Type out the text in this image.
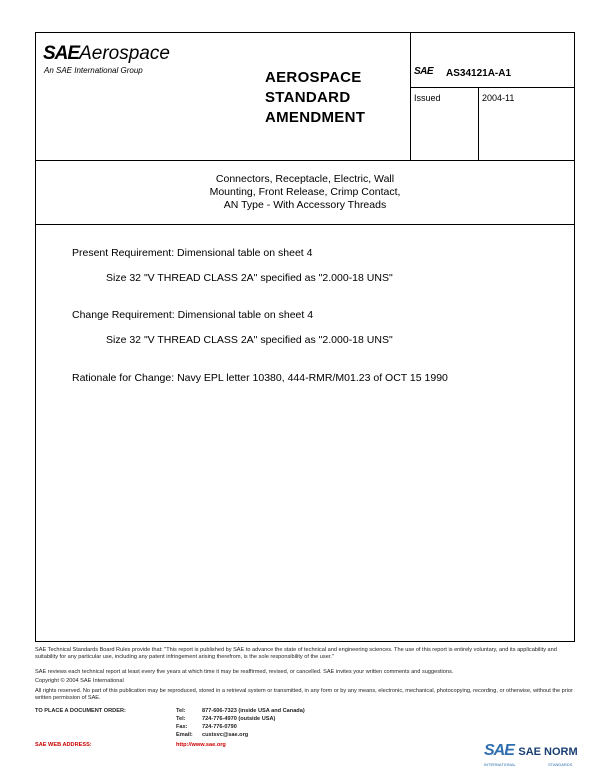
SAEAerospace
An SAE International Group	AEROSPACE
STANDARD
AMENDMENT
SAE AS34121A-A1
Issued	2004-11
Connectors, Receptacle, Electric, Wall
Mounting, Front Release, Crimp Contact,
AN Type - With Accessory Threads
Present Requirement: Dimensional table on sheet 4
Size 32 "V THREAD CLASS 2A" specified as "2.000-18 UNS"
Change Requirement: Dimensional table on sheet 4
Size 32 "V THREAD CLASS 2A" specified as "2.000-18 UNS"
Rationale for Change: Navy EPL letter 10380, 444-RMR/M01.23 of OCT 15 1990
SAE Technical Standards Board Rules provide that: "This report is published by SAE to advance the state of technical and engineering sciences. The use of this report is entirely voluntary, and its applicability and suitability for any particular use, including any patent infringement arising therefrom, is the sole responsibility of the user."
SAE reviews each technical report at least every five years at which time it may be reaffirmed, revised, or cancelled. SAE invites your written comments and suggestions.
Copyright © 2004 SAE International
All rights reserved. No part of this publication may be reproduced, stored in a retrieval system or transmitted, in any form or by any means, electronic, mechanical, photocopying, recording, or otherwise, without the prior written permission of SAE.
TO PLACE A DOCUMENT ORDER:	Tel:	877-606-7323 (inside USA and Canada)
Tel:	724-776-4970 (outside USA)
Fax:	724-776-0790
Email: custsvc@sae.org
SAE WEB ADDRESS:	http://www.sae.org	SAE SAE NORM
INTERNATIONAL	STANDARDS
